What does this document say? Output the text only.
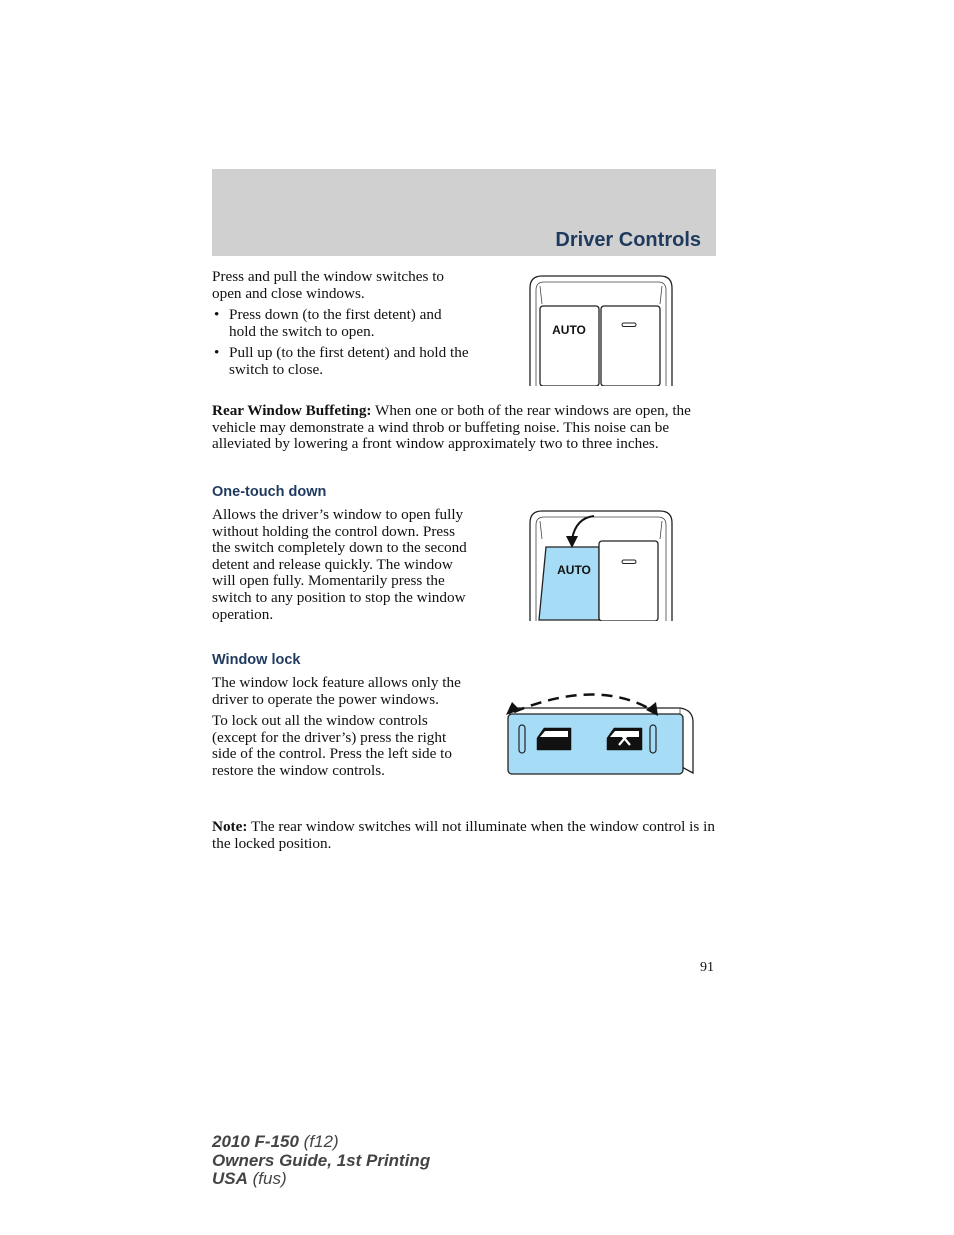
Driver Controls

Press and pull the window switches to open and close windows.

• Press down (to the first detent) and hold the switch to open.
• Pull up (to the first detent) and hold the switch to close.
AUTO

Rear Window Buffeting: When one or both of the rear windows are open, the vehicle may demonstrate a wind throb or buffeting noise. This noise can be alleviated by lowering a front window approximately two to three inches.

One-touch down
Allows the driver’s window to open fully without holding the control down. Press the switch completely down to the second detent and release quickly. The window will open fully. Momentarily press the switch to any position to stop the window operation.
AUTO
Window lock

The window lock feature allows only the driver to operate the power windows.

To lock out all the window controls (except for the driver’s) press the right side of the control. Press the left side to restore the window controls.

Note: The rear window switches will not illuminate when the window control is in the locked position.

91
2010 F-150 (f12)
Owners Guide, 1st Printing
USA (fus)
